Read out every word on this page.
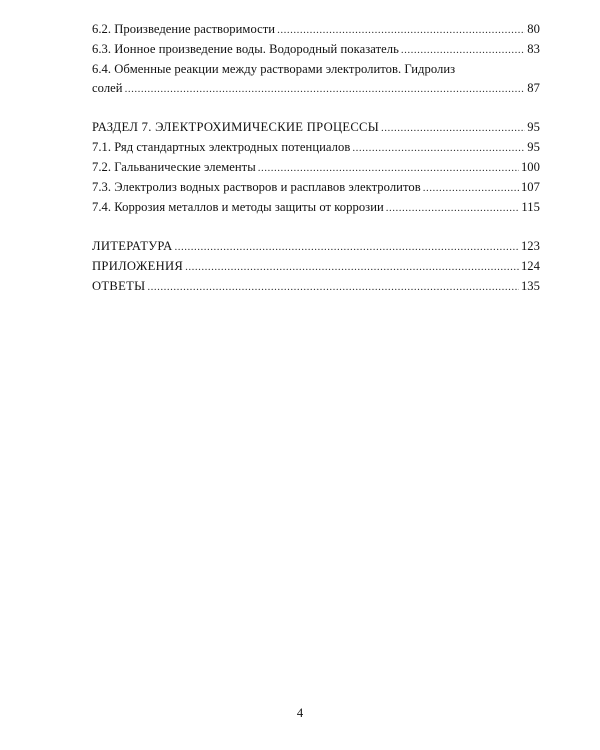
6.2. Произведение растворимости .....	80
6.3. Ионное произведение воды. Водородный показатель .....	83
6.4. Обменные реакции между растворами электролитов. Гидролиз
солей .....	87
РАЗДЕЛ 7. ЭЛЕКТРОХИМИЧЕСКИЕ ПРОЦЕССЫ .....	95
7.1. Ряд стандартных электродных потенциалов .....	95
7.2. Гальванические элементы .....	100
7.3. Электролиз водных растворов и расплавов электролитов .....	107
7.4. Коррозия металлов и методы защиты от коррозии .....	115
ЛИТЕРАТУРА .....	123
ПРИЛОЖЕНИЯ .....	124
ОТВЕТЫ .....	135
4
